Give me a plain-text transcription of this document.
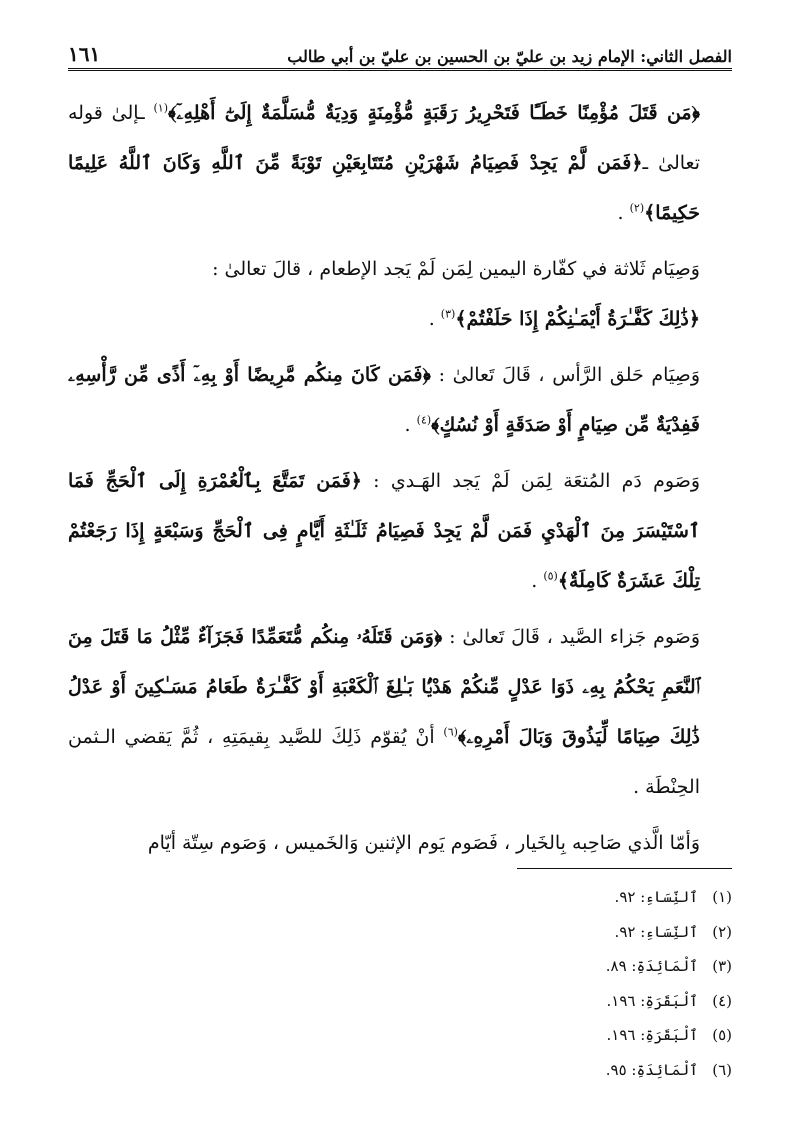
الفصل الثاني: الإمام زيد بن عليّ بن الحسين بن عليّ بن أبي طالب
١٦١

﴿مَن قَتَلَ مُؤْمِنًا خَطَـًٔا فَتَحْرِيرُ رَقَبَةٍ مُّؤْمِنَةٍ وَدِيَةٌ مُّسَلَّمَةٌ إِلَىٰٓ أَهْلِهِۦٓ﴾$^{(١)}$ ـإلىٰ قوله تعالىٰ ـ﴿فَمَن لَّمْ يَجِدْ فَصِيَامُ شَهْرَيْنِ مُتَتَابِعَيْنِ تَوْبَةً مِّنَ ٱللَّهِ وَكَانَ ٱللَّهُ عَلِيمًا حَكِيمًا﴾$^{(٢)}$ .

وَصِيَام ثَلاثة في كفّارة اليمين لِمَن لَمْ يَجد الإطعام ، قالَ تعالىٰ :

﴿ذَٰلِكَ كَفَّـٰرَةُ أَيْمَـٰنِكُمْ إِذَا حَلَفْتُمْ﴾$^{(٣)}$ .

وَصِيَام حَلق الرَّأس ، قَالَ تَعالىٰ : ﴿فَمَن كَانَ مِنكُم مَّرِيضًا أَوْ بِهِۦٓ أَذًى مِّن رَّأْسِهِۦ فَفِدْيَةٌ مِّن صِيَامٍ أَوْ صَدَقَةٍ أَوْ نُسُكٍ﴾$^{(٤)}$ .

وَصَوم دَم المُتعَة لِمَن لَمْ يَجد الهَـدي : ﴿فَمَن تَمَتَّعَ بِٱلْعُمْرَةِ إِلَى ٱلْحَجِّ فَمَا ٱسْتَيْسَرَ مِنَ ٱلْهَدْيِ فَمَن لَّمْ يَجِدْ فَصِيَامُ ثَلَـٰثَةِ أَيَّامٍ فِى ٱلْحَجِّ وَسَبْعَةٍ إِذَا رَجَعْتُمْ تِلْكَ عَشَرَةٌ كَامِلَةٌ﴾$^{(٥)}$ .

وَصَوم جَزاء الصَّيد ، قَالَ تَعالىٰ : ﴿وَمَن قَتَلَهُۥ مِنكُم مُّتَعَمِّدًا فَجَزَآءٌ مِّثْلُ مَا قَتَلَ مِنَ ٱلنَّعَمِ يَحْكُمُ بِهِۦ ذَوَا عَدْلٍ مِّنكُمْ هَدْيًۢا بَـٰلِغَ ٱلْكَعْبَةِ أَوْ كَفَّـٰرَةٌ طَعَامُ مَسَـٰكِينَ أَوْ عَدْلُ ذَٰلِكَ صِيَامًا لِّيَذُوقَ وَبَالَ أَمْرِهِۦ﴾$^{(٦)}$ أنْ يُقوّم ذَلِكَ للصَّيد بِقيمَتِهِ ، ثُمَّ يَقضي الـثمن الحِنْطَة .

وَأمّا الَّذي صَاحِبه بِالخَيار ، فَصَوم يَوم الإثنين وَالخَميس ، وَصَوم سِتّة أيّام

(١)ٱلنِّسَاءِ: ٩٢.
(٢)ٱلنِّسَاءِ: ٩٢.
(٣)ٱلْمَائِدَةِ: ٨٩.
(٤)ٱلْبَقَرَةِ: ١٩٦.
(٥)ٱلْبَقَرَةِ: ١٩٦.
(٦)ٱلْمَائِدَةِ: ٩٥.
